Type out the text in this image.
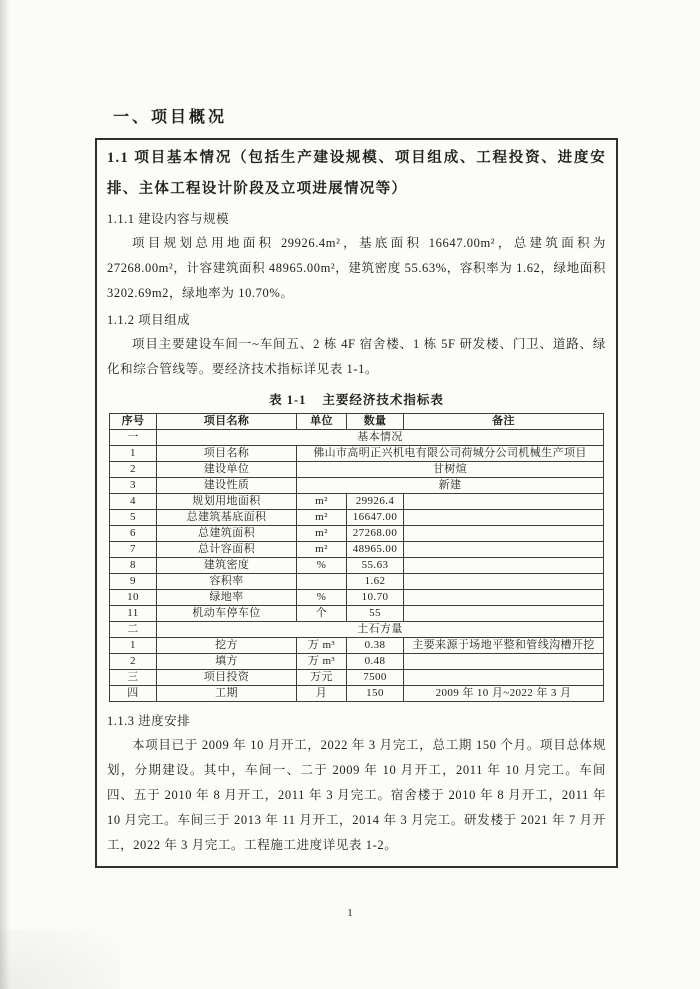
一、项目概况
1.1 项目基本情况（包括生产建设规模、项目组成、工程投资、进度安排、主体工程设计阶段及立项进展情况等）
1.1.1 建设内容与规模

项目规划总用地面积 29926.4m²，基底面积 16647.00m²，总建筑面积为 27268.00m²，计容建筑面积 48965.00m²，建筑密度 55.63%，容积率为 1.62，绿地面积 3202.69m2，绿地率为 10.70%。

1.1.2 项目组成

项目主要建设车间一~车间五、2 栋 4F 宿舍楼、1 栋 5F 研发楼、门卫、道路、绿化和综合管线等。要经济技术指标详见表 1-1。

表 1-1 主要经济技术指标表
序号	项目名称	单位	数量	备注
一	基本情况			
1	项目名称	佛山市高明正兴机电有限公司荷城分公司机械生产项目		
2	建设单位	甘树煊		
3	建设性质	新建		
4	规划用地面积	m²	29926.4	
5	总建筑基底面积	m²	16647.00	
6	总建筑面积	m²	27268.00	
7	总计容面积	m²	48965.00	
8	建筑密度	%	55.63	
9	容积率		1.62	
10	绿地率	%	10.70	
11	机动车停车位	个	55	
二	土石方量			
1	挖方	万 m³	0.38	主要来源于场地平整和管线沟槽开挖
2	填方	万 m³	0.48	
三	项目投资	万元	7500	
四	工期	月	150	2009 年 10 月~2022 年 3 月
1.1.3 进度安排

本项目已于 2009 年 10 月开工，2022 年 3 月完工，总工期 150 个月。项目总体规划，分期建设。其中，车间一、二于 2009 年 10 月开工，2011 年 10 月完工。车间四、五于 2010 年 8 月开工，2011 年 3 月完工。宿舍楼于 2010 年 8 月开工，2011 年 10 月完工。车间三于 2013 年 11 月开工，2014 年 3 月完工。研发楼于 2021 年 7 月开工，2022 年 3 月完工。工程施工进度详见表 1-2。

1
